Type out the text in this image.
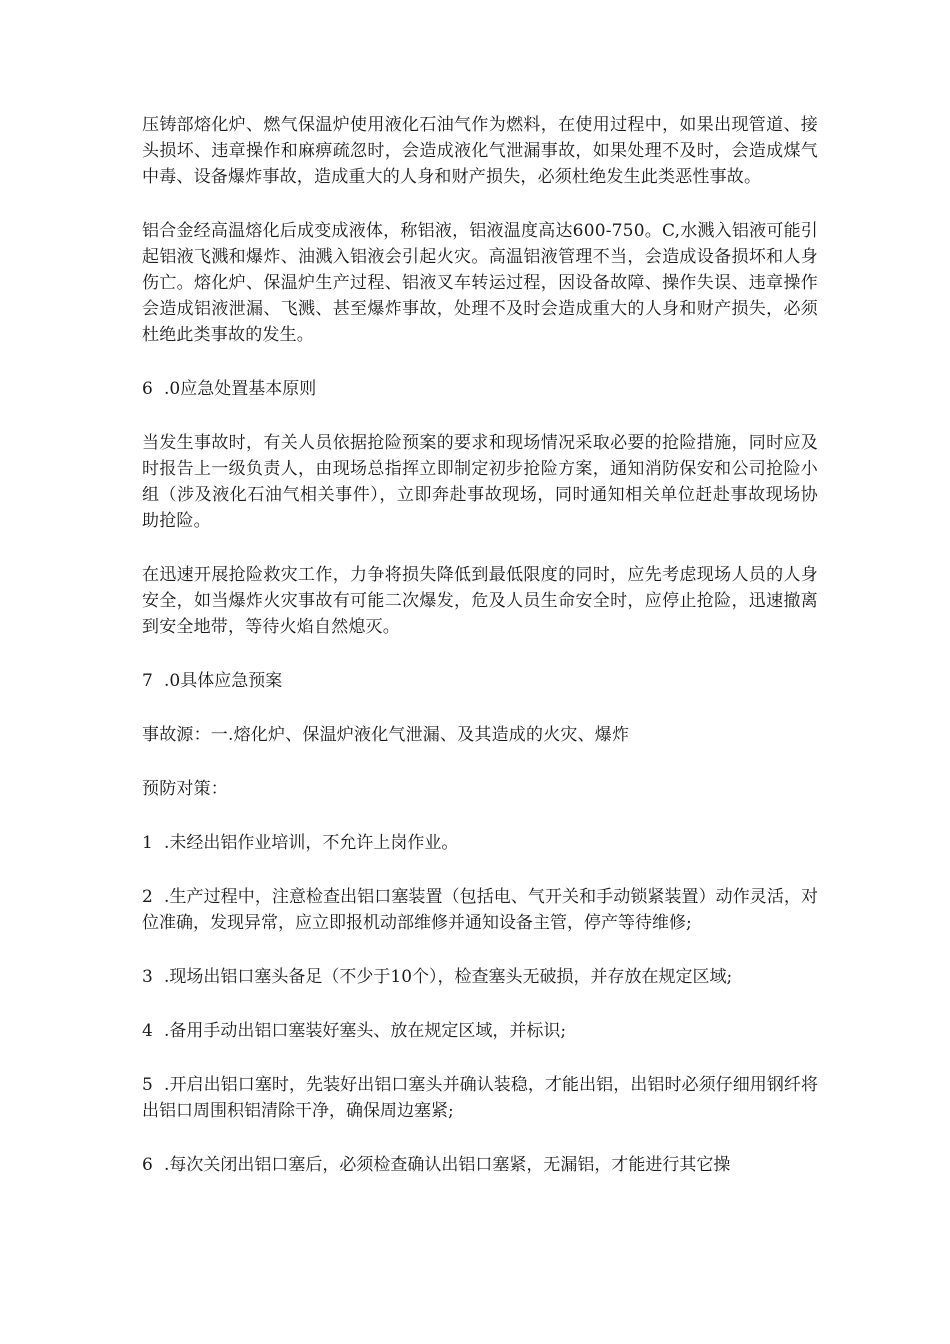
压铸部熔化炉、燃气保温炉使用液化石油气作为燃料，在使用过程中，如果出现管道、接头损坏、违章操作和麻痹疏忽时，会造成液化气泄漏事故，如果处理不及时，会造成煤气中毒、设备爆炸事故，造成重大的人身和财产损失，必须杜绝发生此类恶性事故。

铝合金经高温熔化后成变成液体，称铝液，铝液温度高达600-750。C,水溅入铝液可能引起铝液飞溅和爆炸、油溅入铝液会引起火灾。高温铝液管理不当，会造成设备损坏和人身伤亡。熔化炉、保温炉生产过程、铝液叉车转运过程，因设备故障、操作失误、违章操作会造成铝液泄漏、飞溅、甚至爆炸事故，处理不及时会造成重大的人身和财产损失，必须杜绝此类事故的发生。

6 .0应急处置基本原则

当发生事故时，有关人员依据抢险预案的要求和现场情况采取必要的抢险措施，同时应及时报告上一级负责人，由现场总指挥立即制定初步抢险方案，通知消防保安和公司抢险小组（涉及液化石油气相关事件），立即奔赴事故现场，同时通知相关单位赶赴事故现场协助抢险。

在迅速开展抢险救灾工作，力争将损失降低到最低限度的同时，应先考虑现场人员的人身安全，如当爆炸火灾事故有可能二次爆发，危及人员生命安全时，应停止抢险，迅速撤离到安全地带，等待火焰自然熄灭。

7 .0具体应急预案

事故源：一.熔化炉、保温炉液化气泄漏、及其造成的火灾、爆炸

预防对策：

1 .未经出铝作业培训，不允许上岗作业。

2 .生产过程中，注意检查出铝口塞装置（包括电、气开关和手动锁紧装置）动作灵活，对位准确，发现异常，应立即报机动部维修并通知设备主管，停产等待维修;

3 .现场出铝口塞头备足（不少于10个），检查塞头无破损，并存放在规定区域;

4 .备用手动出铝口塞装好塞头、放在规定区域，并标识;

5 .开启出铝口塞时，先装好出铝口塞头并确认装稳，才能出铝，出铝时必须仔细用钢纤将出铝口周围积铝清除干净，确保周边塞紧;

6 .每次关闭出铝口塞后，必须检查确认出铝口塞紧，无漏铝，才能进行其它操
